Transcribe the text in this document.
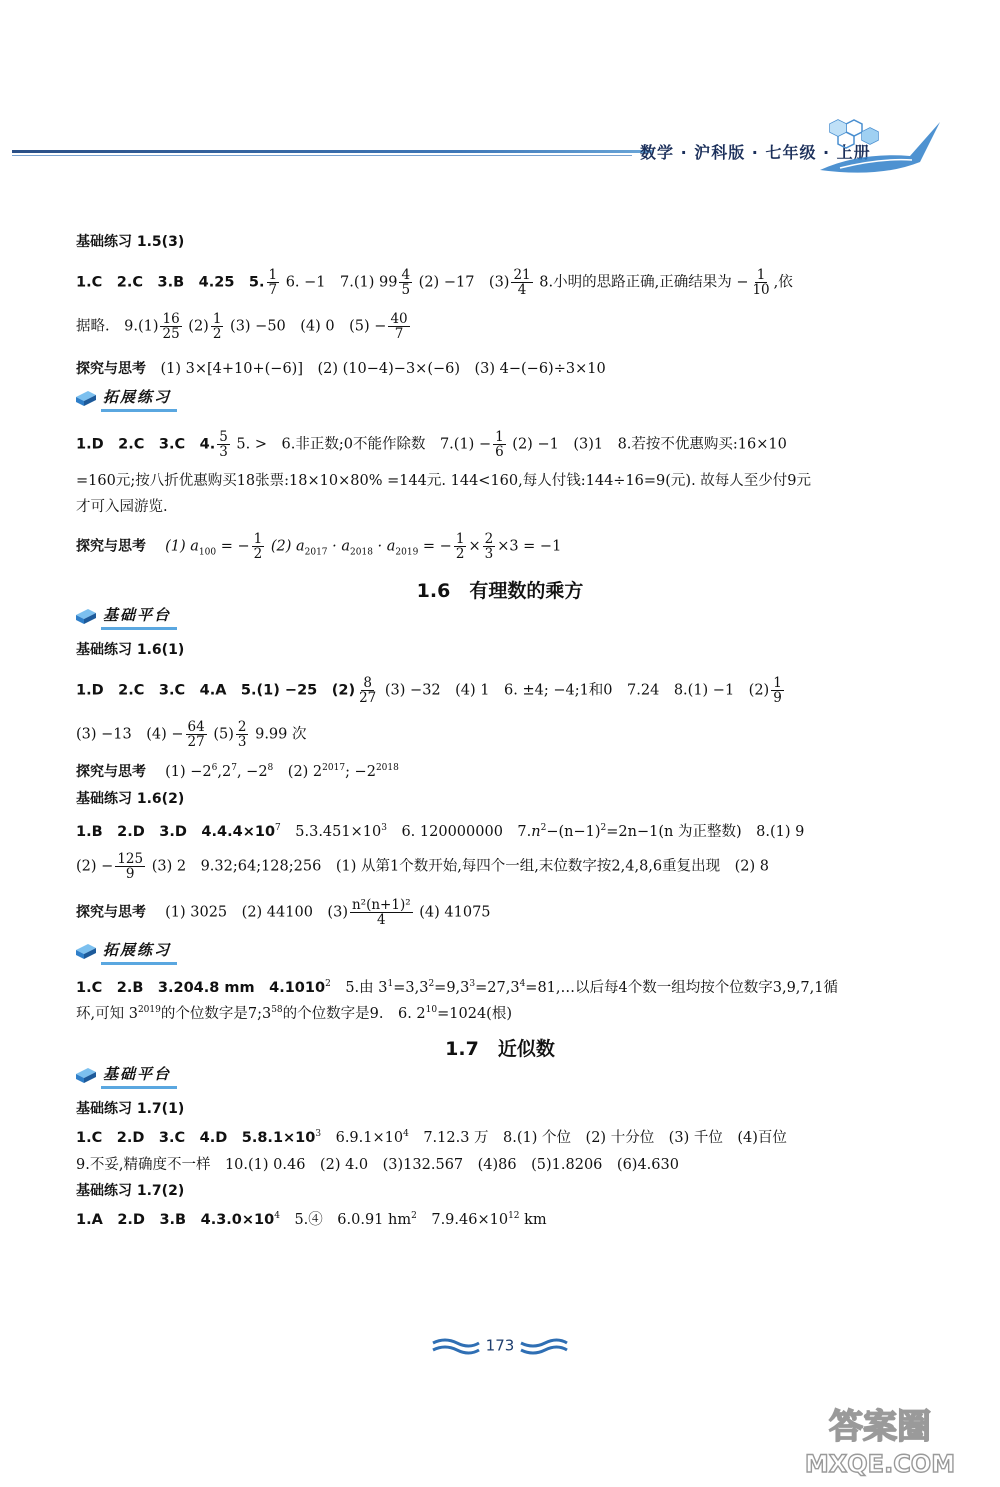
数学 · 沪科版 · 七年级 · 上册
基础练习 1.5(3)
1.C　2.C　3.B　4.25　5. $\frac{1}{7} 6$. −1　7.(1) $99 \frac{4}{5} (2) -17$　$(3) \frac{21}{4} 8$.小明的思路正确,正确结果为 − $\frac{1}{10}$ ,依
据略.　$9.(1) \frac{16}{25} (2) \frac{1}{2} (3) -50$　(4) 0　$(5) - \frac{40}{7}$
探究与思考　 (1) 3×[4+10+(−6)]　(2) (10−4)−3×(−6)　(3) 4−(−6)÷3×10
拓展练习
1.D　2.C　3.C　4. $\frac{5}{3} 5$. >　6.非正数;0不能作除数　$7.(1) - \frac{1}{6} (2) -1$　(3)1　8.若按不优惠购买:16×10
=160元;按八折优惠购买18张票:18×10×80% =144元. 144<160,每人付钱:144÷16=9(元). 故每人至少付9元
才可入园游览.
探究与思考　 (1) $a_{100}$ = − $\frac{1}{2} (2) a_{2017} \cdot a_{2018} \cdot a_{2019}$ = − $\frac{1}{2} \times \frac{2}{3} \times 3 = -1$
1.6　有理数的乘方
基础平台
基础练习 1.6(1)
1.D　2.C　3.C　4.A　5.(1) −25　$(2) \frac{8}{27} (3) -32$　(4) 1　6. ±4; −4;1和0　7.24　8.(1) −1　$(2) \frac{1}{9}$
(3) −13　$(4) - \frac{64}{27} (5) \frac{2}{3} 9.99$ 次
探究与思考　 $(1) -2^6,2^7$, $-2^8$　 (2) $2^{2017}$; $-2^{2018}$
基础练习 1.6(2)
1.B　2.D　3.D　$4.4.4\times 10^7$　 $5.3.451\times 10^3$　 6. 120000000　$7.n^2-(n-1)^2=2n-1(n$ 为正整数)　8.(1) 9
$(2) - \frac{125}{9} (3)$ 2　9.32;64;128;256　(1) 从第1个数开始,每四个一组,末位数字按2,4,8,6重复出现　(2) 8
探究与思考　 (1) 3025　(2) 44100　$(3) \frac{\text{n²(n+1)²}}{4} (4)$ 41075
拓展练习
1.C　2.B　3.204.8 mm　4.1010$^2$　 5.由 $3^1=3,3^2=9,3^3=27,3^4=81,\dots$以后每4个数一组均按个位数字3,9,7,1循
环,可知 $3^{2019}$的个位数字是$7;3^{58}$的个位数字是9.　6. $2^{10}=1024$(根)
1.7　近似数
基础平台
基础练习 1.7(1)
1.C　2.D　3.C　4.D　$5.8.1\times 10^3$　 $6.9.1\times 10^4$　 7.12.3 万　8.(1) 个位　(2) 十分位　(3) 千位　(4)百位
9.不妥,精确度不一样　10.(1) 0.46　(2) 4.0　(3)132.567　(4)86　(5)1.8206　(6)4.630
基础练习 1.7(2)
1.A　2.D　3.B　$4.3.0\times 10^4$　 5.④　6.0.91 $hm^2$　 $7.9.46\times 10^{12}$ km
173
答案圈
MXQE.COM
